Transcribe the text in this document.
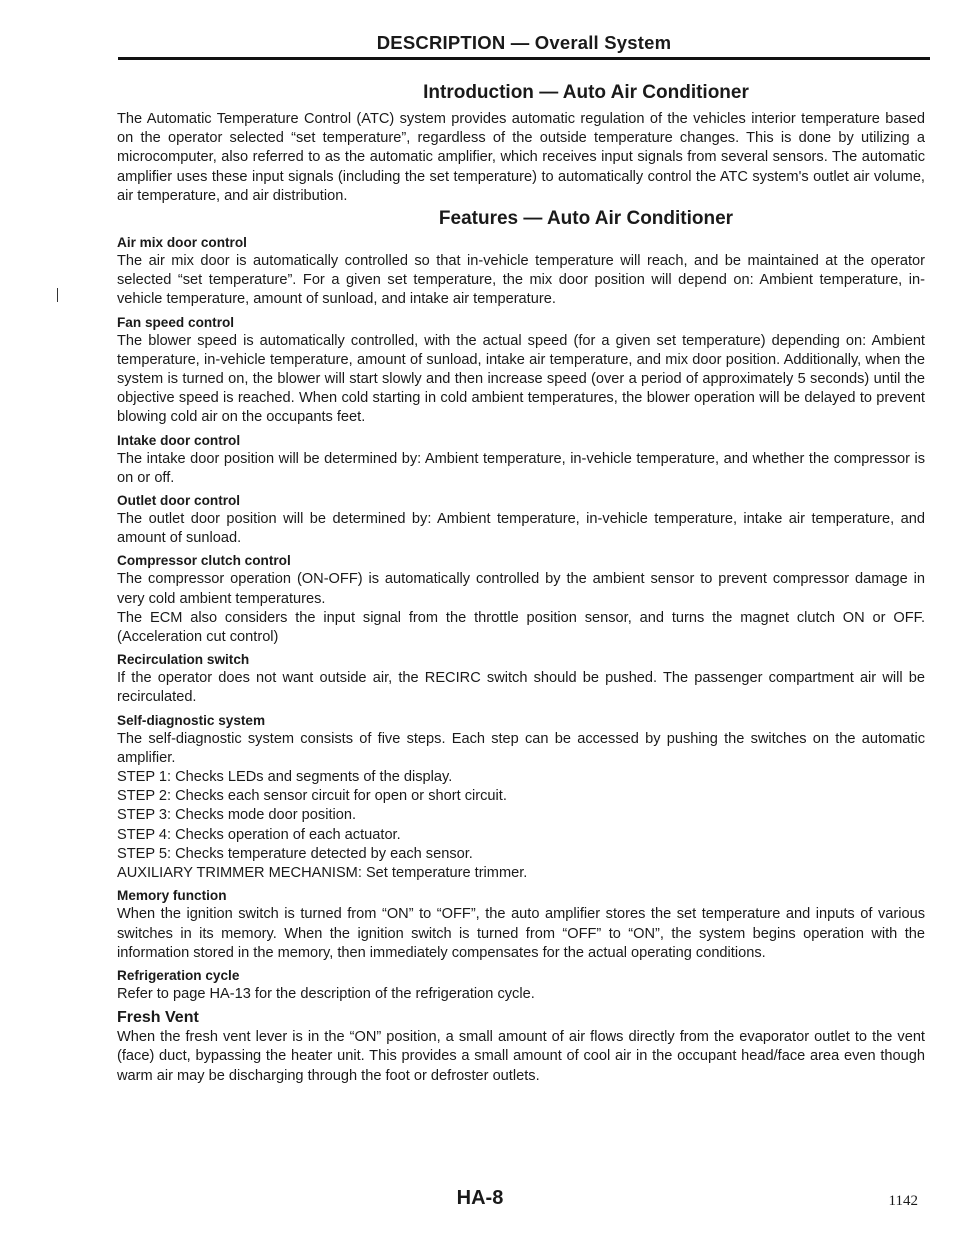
DESCRIPTION — Overall System
Introduction — Auto Air Conditioner

The Automatic Temperature Control (ATC) system provides automatic regulation of the vehicles interior temperature based on the operator selected “set temperature”, regardless of the outside temperature changes. This is done by utilizing a microcomputer, also referred to as the automatic amplifier, which receives input signals from several sensors. The automatic amplifier uses these input signals (including the set temperature) to automatically control the ATC system's outlet air volume, air temperature, and air distribution.

Features — Auto Air Conditioner
Air mix door control

The air mix door is automatically controlled so that in-vehicle temperature will reach, and be maintained at the operator selected “set temperature”. For a given set temperature, the mix door position will depend on: Ambient temperature, in-vehicle temperature, amount of sunload, and intake air temperature.

Fan speed control

The blower speed is automatically controlled, with the actual speed (for a given set temperature) depending on: Ambient temperature, in-vehicle temperature, amount of sunload, intake air temperature, and mix door position. Additionally, when the system is turned on, the blower will start slowly and then increase speed (over a period of approximately 5 seconds) until the objective speed is reached. When cold starting in cold ambient temperatures, the blower operation will be delayed to prevent blowing cold air on the occupants feet.

Intake door control

The intake door position will be determined by: Ambient temperature, in-vehicle temperature, and whether the compressor is on or off.

Outlet door control

The outlet door position will be determined by: Ambient temperature, in-vehicle temperature, intake air temperature, and amount of sunload.

Compressor clutch control

The compressor operation (ON-OFF) is automatically controlled by the ambient sensor to prevent compressor damage in very cold ambient temperatures.

The ECM also considers the input signal from the throttle position sensor, and turns the magnet clutch ON or OFF. (Acceleration cut control)

Recirculation switch

If the operator does not want outside air, the RECIRC switch should be pushed. The passenger compartment air will be recirculated.

Self-diagnostic system

The self-diagnostic system consists of five steps. Each step can be accessed by pushing the switches on the automatic amplifier.

STEP 1: Checks LEDs and segments of the display.

STEP 2: Checks each sensor circuit for open or short circuit.

STEP 3: Checks mode door position.

STEP 4: Checks operation of each actuator.

STEP 5: Checks temperature detected by each sensor.

AUXILIARY TRIMMER MECHANISM: Set temperature trimmer.

Memory function

When the ignition switch is turned from “ON” to “OFF”, the auto amplifier stores the set temperature and inputs of various switches in its memory. When the ignition switch is turned from “OFF” to “ON”, the system begins operation with the information stored in the memory, then immediately compensates for the actual operating conditions.

Refrigeration cycle

Refer to page HA-13 for the description of the refrigeration cycle.

Fresh Vent

When the fresh vent lever is in the “ON” position, a small amount of air flows directly from the evaporator outlet to the vent (face) duct, bypassing the heater unit. This provides a small amount of cool air in the occupant head/face area even though warm air may be discharging through the foot or defroster outlets.

HA-8	1142
